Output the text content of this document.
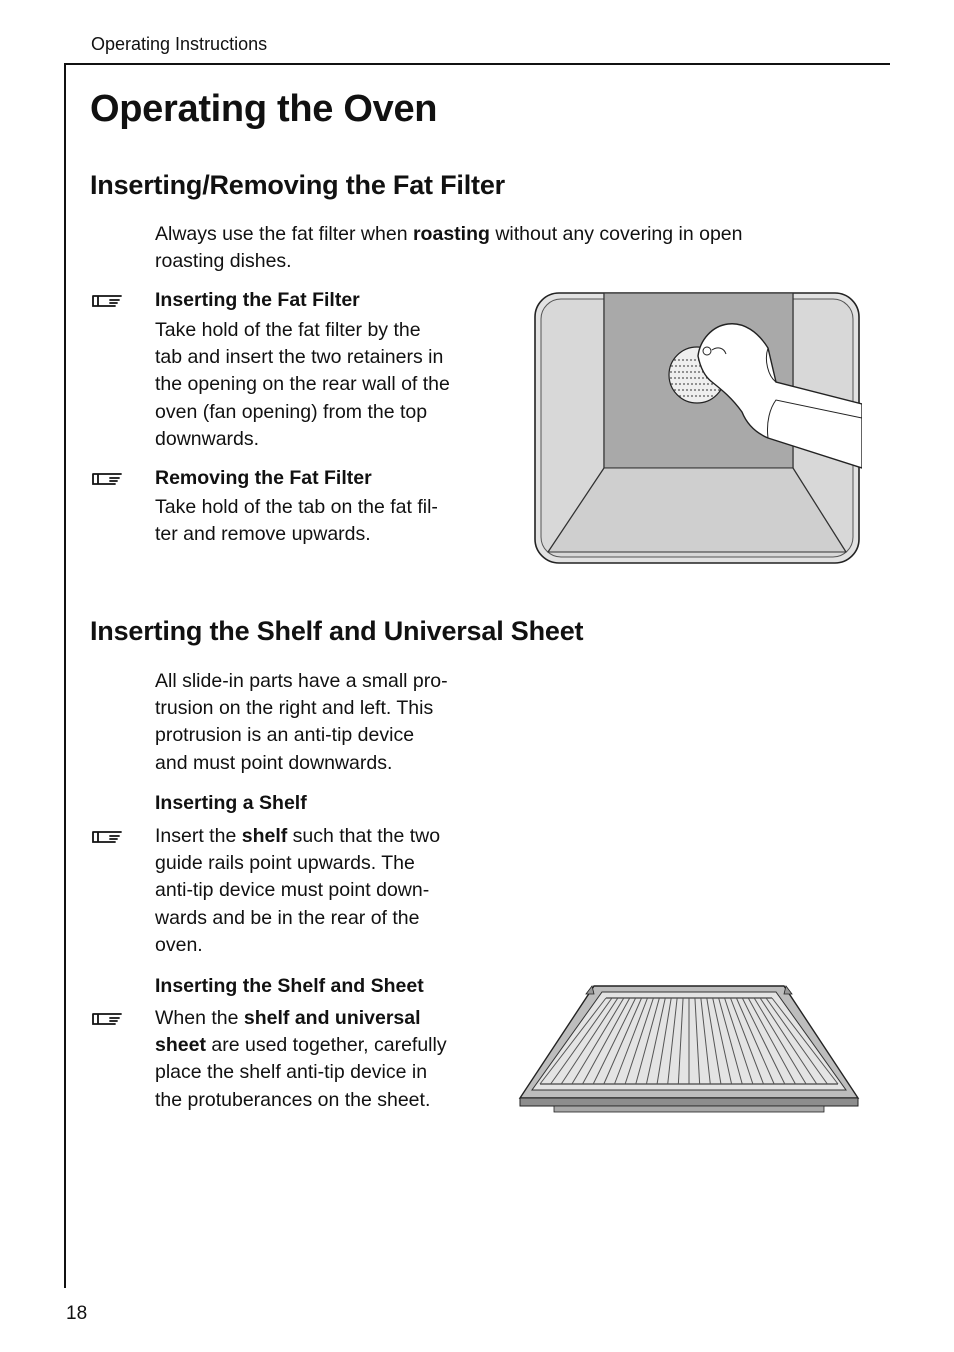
Operating Instructions
18
Operating the Oven
Inserting/Removing the Fat Filter
Always use the fat filter when roasting without any covering in open
roasting dishes.
Inserting the Fat Filter
Take hold of the fat filter by the
tab and insert the two retainers in
the opening on the rear wall of the
oven (fan opening) from the top
downwards.
Removing the Fat Filter
Take hold of the tab on the fat fil-
ter and remove upwards.
Inserting the Shelf and Universal Sheet
All slide-in parts have a small pro-
trusion on the right and left. This
protrusion is an anti-tip device
and must point downwards.
Inserting a Shelf
Insert the shelf such that the two
guide rails point upwards. The
anti-tip device must point down-
wards and be in the rear of the
oven.
Inserting the Shelf and Sheet
When the shelf and universal
sheet are used together, carefully
place the shelf anti-tip device in
the protuberances on the sheet.
